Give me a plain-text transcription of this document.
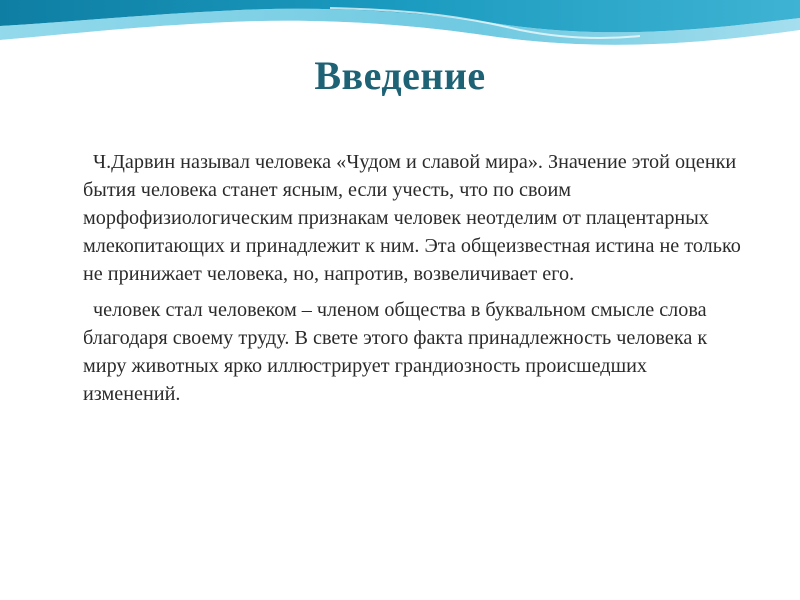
Введение

Ч.Дарвин называл человека «Чудом и славой мира». Значение этой оценки бытия человека станет ясным, если учесть, что по своим морфофизиологическим признакам человек неотделим от плацентарных млекопитающих и принадлежит к ним. Эта общеизвестная истина не только не принижает человека, но, напротив, возвеличивает его.

человек стал человеком – членом общества в буквальном смысле слова благодаря своему труду. В свете этого факта принадлежность человека к миру животных ярко иллюстрирует грандиозность происшедших изменений.
